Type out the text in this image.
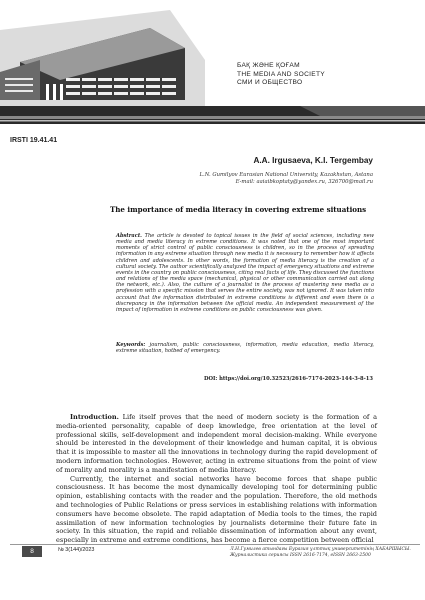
БАҚ ЖӘНЕ ҚОҒАМ
THE MEDIA AND SOCIETY
СМИ И ОБЩЕСТВО
IRSTI 19.41.41
A.A. Irgusaeva, K.I. Tergembay
L.N. Gumilyov Eurasian National University, Kazakhstan, Astana
E-mail: aaiaibkoptaty@yandex.ru, 326700@mail.ru
The importance of media literacy in covering extreme situations
Abstract. The article is devoted to topical issues in the field of social sciences, including new media and media literacy in extreme conditions. It was noted that one of the most important moments of strict control of public consciousness is children, so in the process of spreading information in any extreme situation through new media it is necessary to remember how it affects children and adolescents. In other words, the formation of media literacy is the creation of a cultural society. The author scientifically analyzed the impact of emergency situations and extreme events in the country on public consciousness, citing real facts of life. They discussed the functions and relations of the media space (mechanical, physical or other communication carried out along the network, etc.). Also, the culture of a journalist in the process of mastering new media as a profession with a specific mission that serves the entire society, was not ignored. It was taken into account that the information distributed in extreme conditions is different and even there is a discrepancy in the information between the official media. An independent measurement of the impact of information in extreme conditions on public consciousness was given.
Keywords: journalism, public consciousness, information, media education, media literacy, extreme situation, hotbed of emergency.
DOI: https://doi.org/10.32523/2616-7174-2023-144-3-8-13

Introduction. Life itself proves that the need of modern society is the formation of a media-oriented personality, capable of deep knowledge, free orientation at the level of professional skills, self-development and independent moral decision-making. While everyone should be interested in the development of their knowledge and human capital, it is obvious that it is impossible to master all the innovations in technology during the rapid development of modern information technologies. However, acting in extreme situations from the point of view of morality and morality is a manifestation of media literacy.

Currently, the internet and social networks have become forces that shape public consciousness. It has become the most dynamically developing tool for determining public opinion, establishing contacts with the reader and the population. Therefore, the old methods and technologies of Public Relations or press services in establishing relations with information consumers have become obsolete. The rapid adaptation of Media tools to the times, the rapid assimilation of new information technologies by journalists determine their future fate in society. In this situation, the rapid and reliable dissemination of information about any event, especially in extreme and extreme conditions, has become a fierce competition between official

8	№ 3(144)/2023	Л.Н.Гумилев атындағы Еуразия ұлттық университетінің ХАБАРШЫСЫ.
Журналистика сериясы ISSN 2616-7174, eISSN 2663-2500
